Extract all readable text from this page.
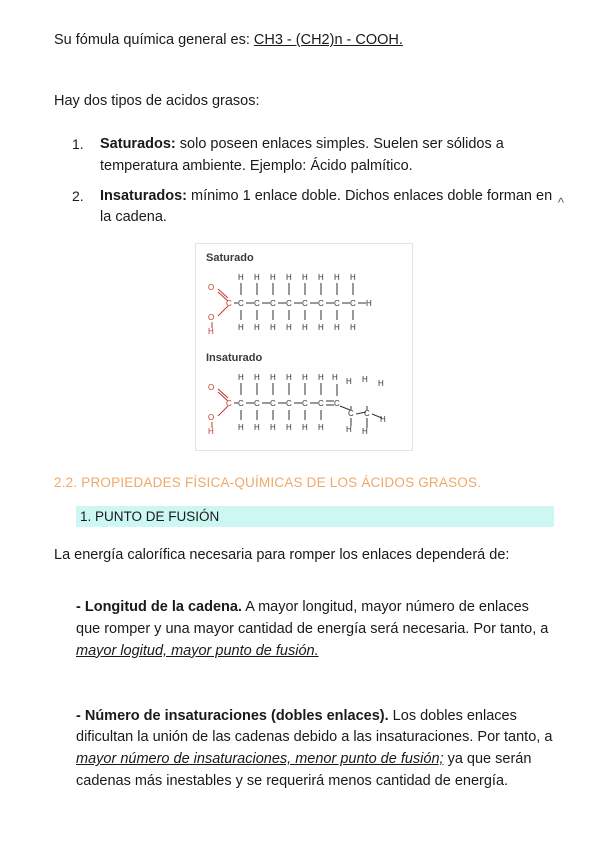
^

Su fómula química general es: CH3 - (CH2)n - COOH.

Hay dos tipos de acidos grasos:

Saturados: solo poseen enlaces simples. Suelen ser sólidos a temperatura ambiente. Ejemplo: Ácido palmítico.
Insaturados: mínimo 1 enlace doble. Dichos enlaces doble forman en la cadena.
Saturado
O
O
H
C
H H H H H H H H
C C C C C C C C H
H H H H H H H H
Insaturado
O
O
H
C
H H H H H H
C C C C C C C
H H H H H H
H H H H
C C
H
H H

2.2. PROPIEDADES FÍSICA-QUÍMICAS DE LOS ÁCIDOS GRASOS.

1. PUNTO DE FUSIÓN

La energía calorífica necesaria para romper los enlaces dependerá de:

- Longitud de la cadena. A mayor longitud, mayor número de enlaces que romper y una mayor cantidad de energía será necesaria. Por tanto, a mayor logitud, mayor punto de fusión.

- Número de insaturaciones (dobles enlaces). Los dobles enlaces dificultan la unión de las cadenas debido a las insaturaciones. Por tanto, a mayor número de insaturaciones, menor punto de fusión; ya que serán cadenas más inestables y se requerirá menos cantidad de energía.
